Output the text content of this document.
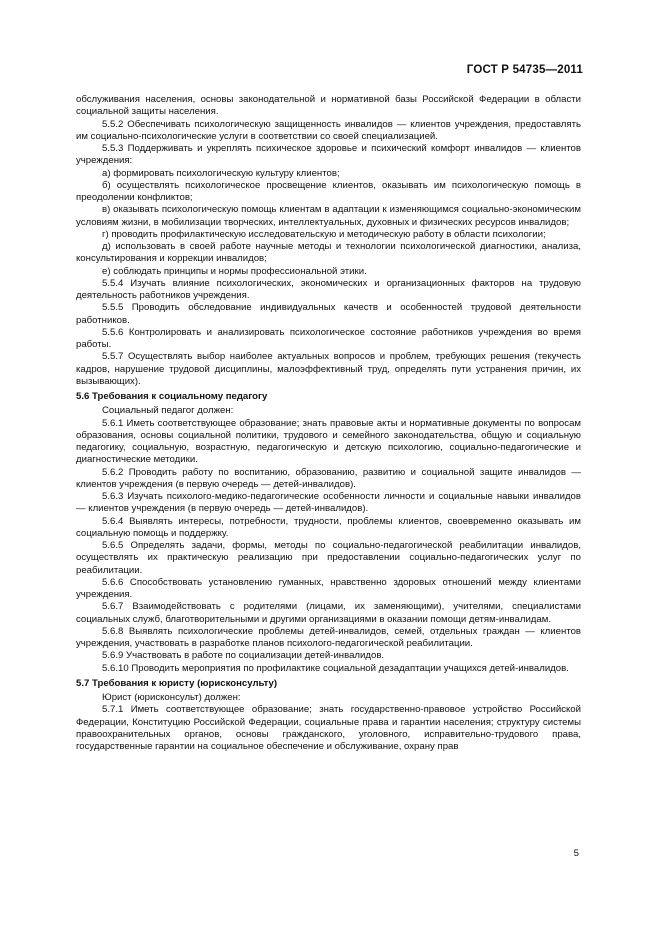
ГОСТ Р 54735—2011

обслуживания населения, основы законодательной и нормативной базы Российской Федерации в области социальной защиты населения.

5.5.2 Обеспечивать психологическую защищенность инвалидов — клиентов учреждения, предоставлять им социально-психологические услуги в соответствии со своей специализацией.

5.5.3 Поддерживать и укреплять психическое здоровье и психический комфорт инвалидов — клиентов учреждения:

а) формировать психологическую культуру клиентов;

б) осуществлять психологическое просвещение клиентов, оказывать им психологическую помощь в преодолении конфликтов;

в) оказывать психологическую помощь клиентам в адаптации к изменяющимся социально-экономическим условиям жизни, в мобилизации творческих, интеллектуальных, духовных и физических ресурсов инвалидов;

г) проводить профилактическую исследовательскую и методическую работу в области психологии;

д) использовать в своей работе научные методы и технологии психологической диагностики, анализа, консультирования и коррекции инвалидов;

е) соблюдать принципы и нормы профессиональной этики.

5.5.4 Изучать влияние психологических, экономических и организационных факторов на трудовую деятельность работников учреждения.

5.5.5 Проводить обследование индивидуальных качеств и особенностей трудовой деятельности работников.

5.5.6 Контролировать и анализировать психологическое состояние работников учреждения во время работы.

5.5.7 Осуществлять выбор наиболее актуальных вопросов и проблем, требующих решения (текучесть кадров, нарушение трудовой дисциплины, малоэффективный труд, определять пути устранения причин, их вызывающих).

5.6 Требования к социальному педагогу

Социальный педагог должен:

5.6.1 Иметь соответствующее образование; знать правовые акты и нормативные документы по вопросам образования, основы социальной политики, трудового и семейного законодательства, общую и социальную педагогику, социальную, возрастную, педагогическую и детскую психологию, социально-педагогические и диагностические методики.

5.6.2 Проводить работу по воспитанию, образованию, развитию и социальной защите инвалидов — клиентов учреждения (в первую очередь — детей-инвалидов).

5.6.3 Изучать психолого-медико-педагогические особенности личности и социальные навыки инвалидов — клиентов учреждения (в первую очередь — детей-инвалидов).

5.6.4 Выявлять интересы, потребности, трудности, проблемы клиентов, своевременно оказывать им социальную помощь и поддержку.

5.6.5 Определять задачи, формы, методы по социально-педагогической реабилитации инвалидов, осуществлять их практическую реализацию при предоставлении социально-педагогических услуг по реабилитации.

5.6.6 Способствовать установлению гуманных, нравственно здоровых отношений между клиентами учреждения.

5.6.7 Взаимодействовать с родителями (лицами, их заменяющими), учителями, специалистами социальных служб, благотворительными и другими организациями в оказании помощи детям-инвалидам.

5.6.8 Выявлять психологические проблемы детей-инвалидов, семей, отдельных граждан — клиентов учреждения, участвовать в разработке планов психолого-педагогической реабилитации.

5.6.9 Участвовать в работе по социализации детей-инвалидов.

5.6.10 Проводить мероприятия по профилактике социальной дезадаптации учащихся детей-инвалидов.

5.7 Требования к юристу (юрисконсульту)

Юрист (юрисконсульт) должен:

5.7.1 Иметь соответствующее образование; знать государственно-правовое устройство Российской Федерации, Конституцию Российской Федерации, социальные права и гарантии населения; структуру системы правоохранительных органов, основы гражданского, уголовного, исправительно-трудового права, государственные гарантии на социальное обеспечение и обслуживание, охрану прав

5
